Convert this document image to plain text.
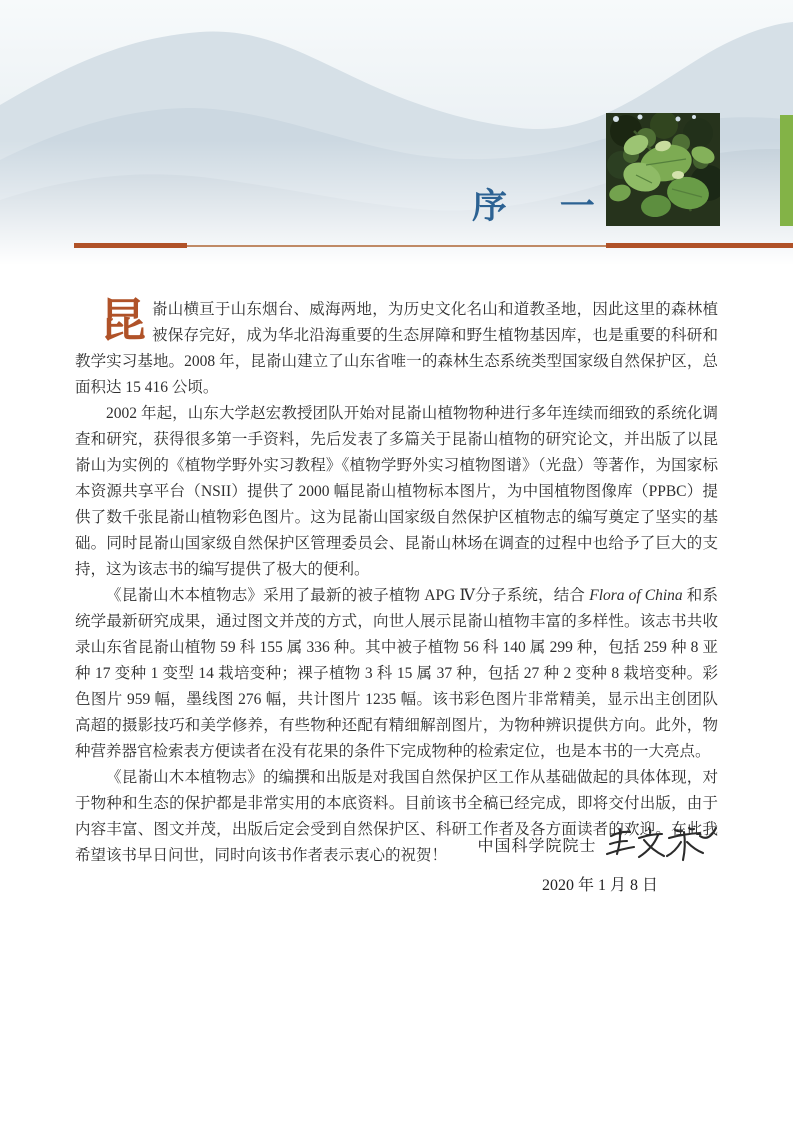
序 一

昆嵛山横亘于山东烟台、威海两地，为历史文化名山和道教圣地，因此这里的森林植被保存完好，成为华北沿海重要的生态屏障和野生植物基因库，也是重要的科研和教学实习基地。2008 年，昆嵛山建立了山东省唯一的森林生态系统类型国家级自然保护区，总面积达 15 416 公顷。

2002 年起，山东大学赵宏教授团队开始对昆嵛山植物物种进行多年连续而细致的系统化调查和研究，获得很多第一手资料，先后发表了多篇关于昆嵛山植物的研究论文，并出版了以昆嵛山为实例的《植物学野外实习教程》《植物学野外实习植物图谱》（光盘）等著作，为国家标本资源共享平台（NSII）提供了 2000 幅昆嵛山植物标本图片，为中国植物图像库（PPBC）提供了数千张昆嵛山植物彩色图片。这为昆嵛山国家级自然保护区植物志的编写奠定了坚实的基础。同时昆嵛山国家级自然保护区管理委员会、昆嵛山林场在调查的过程中也给予了巨大的支持，这为该志书的编写提供了极大的便利。

《昆嵛山木本植物志》采用了最新的被子植物 APG Ⅳ分子系统，结合 Flora of China 和系统学最新研究成果，通过图文并茂的方式，向世人展示昆嵛山植物丰富的多样性。该志书共收录山东省昆嵛山植物 59 科 155 属 336 种。其中被子植物 56 科 140 属 299 种，包括 259 种 8 亚种 17 变种 1 变型 14 栽培变种；裸子植物 3 科 15 属 37 种，包括 27 种 2 变种 8 栽培变种。彩色图片 959 幅，墨线图 276 幅，共计图片 1235 幅。该书彩色图片非常精美，显示出主创团队高超的摄影技巧和美学修养，有些物种还配有精细解剖图片，为物种辨识提供方向。此外，物种营养器官检索表方便读者在没有花果的条件下完成物种的检索定位，也是本书的一大亮点。

《昆嵛山木本植物志》的编撰和出版是对我国自然保护区工作从基础做起的具体体现，对于物种和生态的保护都是非常实用的本底资料。目前该书全稿已经完成，即将交付出版，由于内容丰富、图文并茂，出版后定会受到自然保护区、科研工作者及各方面读者的欢迎。在此我希望该书早日问世，同时向该书作者表示衷心的祝贺！

中国科学院院士
2020 年 1 月 8 日
